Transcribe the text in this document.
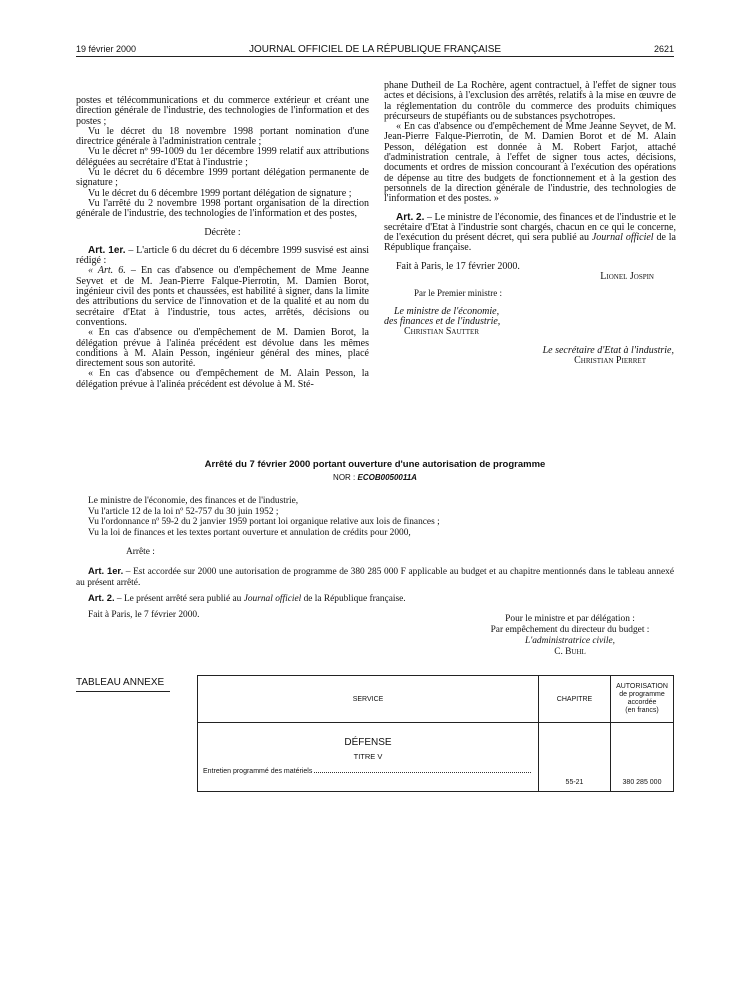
19 février 2000	JOURNAL OFFICIEL DE LA RÉPUBLIQUE FRANÇAISE	2621

postes et télécommunications et du commerce extérieur et créant une direction générale de l'industrie, des technologies de l'information et des postes ;

Vu le décret du 18 novembre 1998 portant nomination d'une directrice générale à l'administration centrale ;

Vu le décret nº 99-1009 du 1er décembre 1999 relatif aux attributions déléguées au secrétaire d'Etat à l'industrie ;

Vu le décret du 6 décembre 1999 portant délégation permanente de signature ;

Vu le décret du 6 décembre 1999 portant délégation de signature ;

Vu l'arrêté du 2 novembre 1998 portant organisation de la direction générale de l'industrie, des technologies de l'information et des postes,

Décrète :

Art. 1er. – L'article 6 du décret du 6 décembre 1999 susvisé est ainsi rédigé :

« Art. 6. – En cas d'absence ou d'empêchement de Mme Jeanne Seyvet et de M. Jean-Pierre Falque-Pierrotin, M. Damien Borot, ingénieur civil des ponts et chaussées, est habilité à signer, dans la limite des attributions du service de l'innovation et de la qualité et au nom du secrétaire d'Etat à l'industrie, tous actes, arrêtés, décisions ou conventions.

« En cas d'absence ou d'empêchement de M. Damien Borot, la délégation prévue à l'alinéa précédent est dévolue dans les mêmes conditions à M. Alain Pesson, ingénieur général des mines, placé directement sous son autorité.

« En cas d'absence ou d'empêchement de M. Alain Pesson, la délégation prévue à l'alinéa précédent est dévolue à M. Sté-

phane Dutheil de La Rochère, agent contractuel, à l'effet de signer tous actes et décisions, à l'exclusion des arrêtés, relatifs à la mise en œuvre de la réglementation du contrôle du commerce des produits chimiques précurseurs de stupéfiants ou de substances psychotropes.

« En cas d'absence ou d'empêchement de Mme Jeanne Seyvet, de M. Jean-Pierre Falque-Pierrotin, de M. Damien Borot et de M. Alain Pesson, délégation est donnée à M. Robert Farjot, attaché d'administration centrale, à l'effet de signer tous actes, décisions, documents et ordres de mission concourant à l'exécution des opérations de dépense au titre des budgets de fonctionnement et à la gestion des personnels de la direction générale de l'industrie, des technologies de l'information et des postes. »

Art. 2. – Le ministre de l'économie, des finances et de l'industrie et le secrétaire d'Etat à l'industrie sont chargés, chacun en ce qui le concerne, de l'exécution du présent décret, qui sera publié au Journal officiel de la République française.

Fait à Paris, le 17 février 2000.

Lionel Jospin

Par le Premier ministre :

Le ministre de l'économie,

des finances et de l'industrie,

Christian Sautter

Le secrétaire d'Etat à l'industrie,

Christian Pierret

Arrêté du 7 février 2000 portant ouverture d'une autorisation de programme
NOR : ECOB0050011A

Le ministre de l'économie, des finances et de l'industrie,

Vu l'article 12 de la loi nº 52-757 du 30 juin 1952 ;

Vu l'ordonnance nº 59-2 du 2 janvier 1959 portant loi organique relative aux lois de finances ;

Vu la loi de finances et les textes portant ouverture et annulation de crédits pour 2000,

Arrête :

Art. 1er. – Est accordée sur 2000 une autorisation de programme de 380 285 000 F applicable au budget et au chapitre mentionnés dans le tableau annexé au présent arrêté.

Art. 2. – Le présent arrêté sera publié au Journal officiel de la République française.

Fait à Paris, le 7 février 2000.	Pour le ministre et par délégation :
Par empêchement du directeur du budget :
L'administratrice civile,
C. Buhl
TABLEAU ANNEXE
SERVICE	CHAPITRE	AUTORISATION
de programme
accordée
(en francs)

DÉFENSE
TITRE V
Entretien programmé des matériels	55-21	380 285 000
